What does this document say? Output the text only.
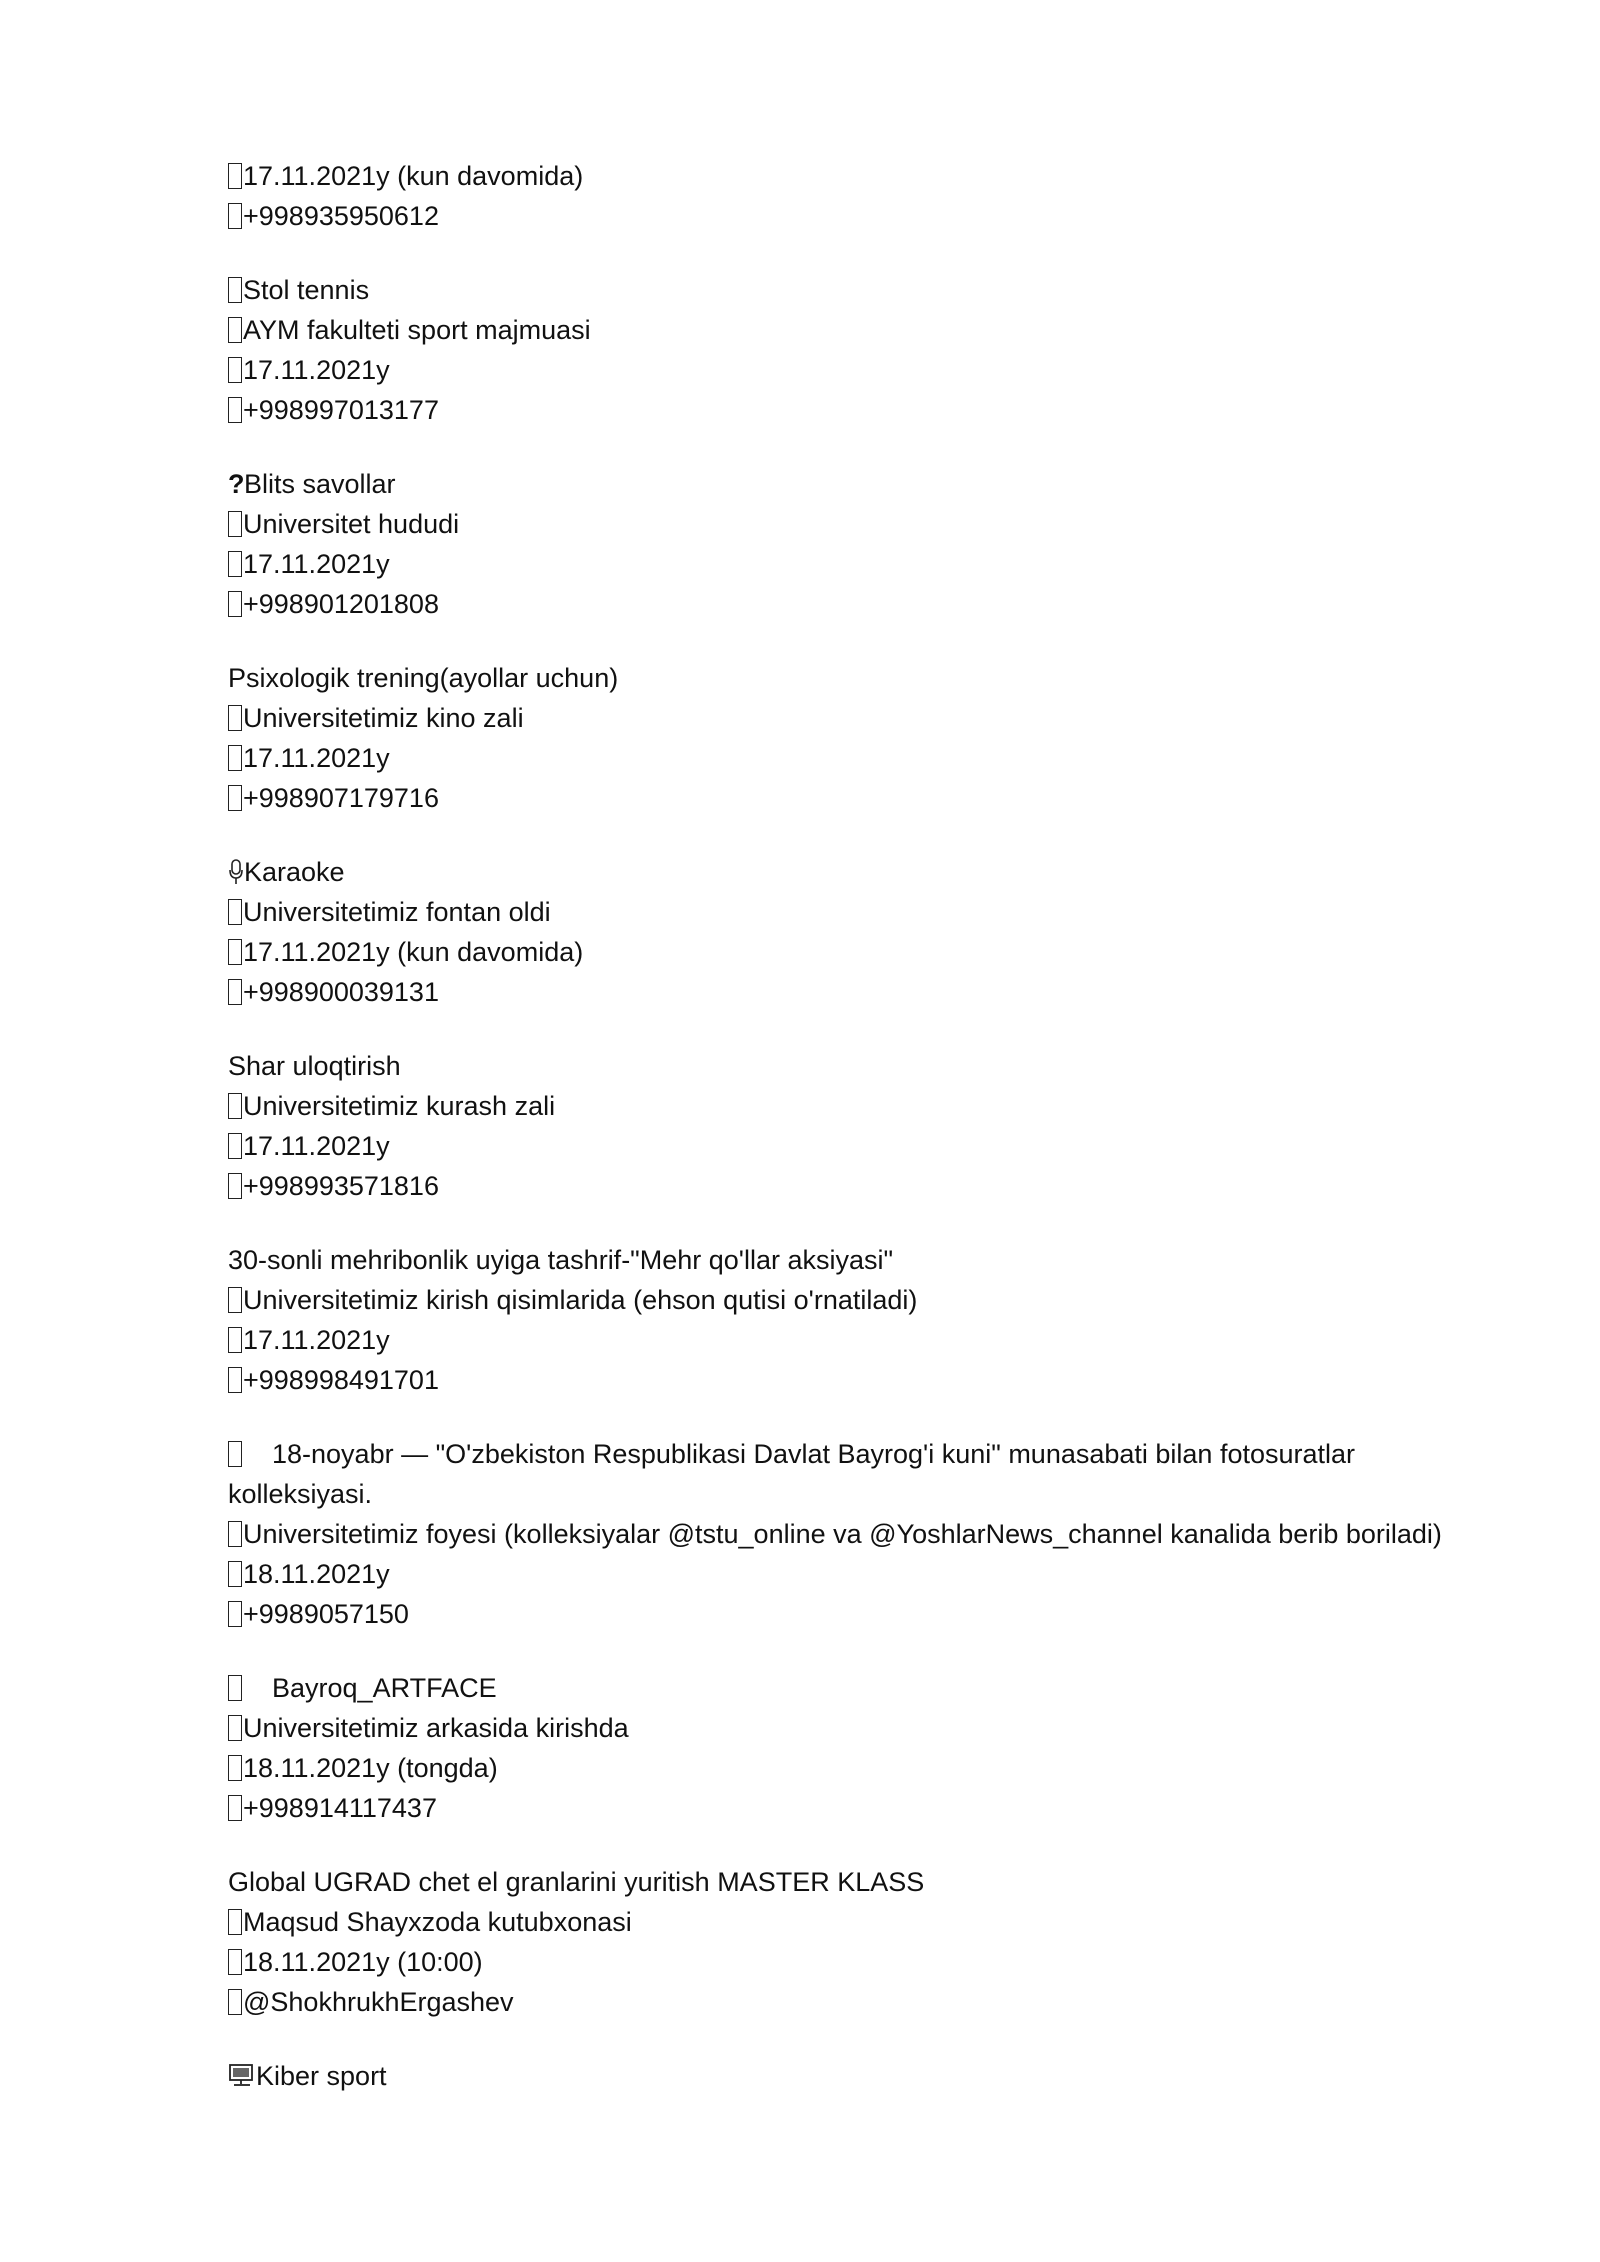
17.11.2021y (kun davomida)
+998935950612
Stol tennis
AYM fakulteti sport majmuasi
17.11.2021y
+998997013177
?Blits savollar
Universitet hududi
17.11.2021y
+998901201808
Psixologik trening(ayollar uchun)
Universitetimiz kino zali
17.11.2021y
+998907179716
Karaoke
Universitetimiz fontan oldi
17.11.2021y (kun davomida)
+998900039131
Shar uloqtirish
Universitetimiz kurash zali
17.11.2021y
+998993571816
30-sonli mehribonlik uyiga tashrif-"Mehr qo'llar aksiyasi"
Universitetimiz kirish qisimlarida (ehson qutisi o'rnatiladi)
17.11.2021y
+998998491701
18-noyabr — "O'zbekiston Respublikasi Davlat Bayrog'i kuni" munasabati bilan fotosuratlar kolleksiyasi.
Universitetimiz foyesi (kolleksiyalar @tstu_online va @YoshlarNews_channel kanalida berib boriladi)
18.11.2021y
+9989057150
Bayroq_ARTFACE
Universitetimiz arkasida kirishda
18.11.2021y (tongda)
+998914117437
Global UGRAD chet el granlarini yuritish MASTER KLASS
Maqsud Shayxzoda kutubxonasi
18.11.2021y (10:00)
@ShokhrukhErgashev
Kiber sport
